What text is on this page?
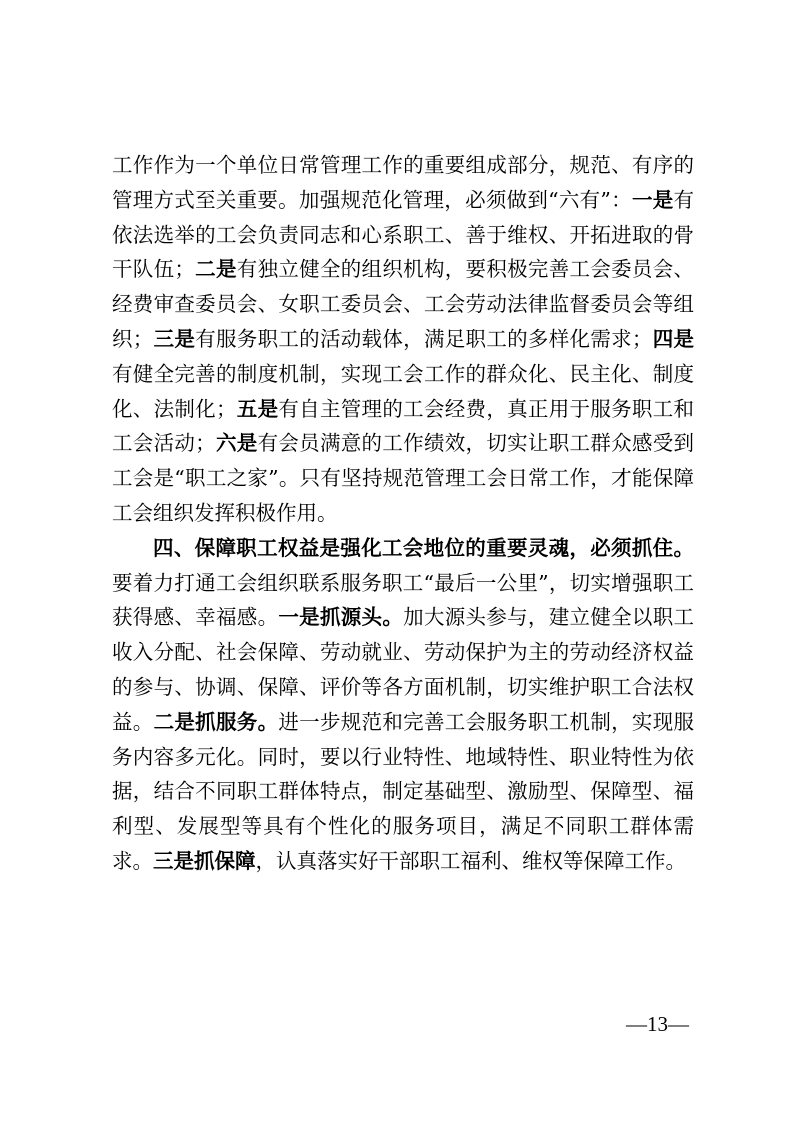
工作作为一个单位日常管理工作的重要组成部分，规范、有序的管理方式至关重要。加强规范化管理，必须做到“六有”：一是有依法选举的工会负责同志和心系职工、善于维权、开拓进取的骨干队伍；二是有独立健全的组织机构，要积极完善工会委员会、经费审查委员会、女职工委员会、工会劳动法律监督委员会等组织；三是有服务职工的活动载体，满足职工的多样化需求；四是有健全完善的制度机制，实现工会工作的群众化、民主化、制度化、法制化；五是有自主管理的工会经费，真正用于服务职工和工会活动；六是有会员满意的工作绩效，切实让职工群众感受到工会是“职工之家”。只有坚持规范管理工会日常工作，才能保障工会组织发挥积极作用。

四、保障职工权益是强化工会地位的重要灵魂，必须抓住。要着力打通工会组织联系服务职工“最后一公里”，切实增强职工获得感、幸福感。一是抓源头。加大源头参与，建立健全以职工收入分配、社会保障、劳动就业、劳动保护为主的劳动经济权益的参与、协调、保障、评价等各方面机制，切实维护职工合法权益。二是抓服务。进一步规范和完善工会服务职工机制，实现服务内容多元化。同时，要以行业特性、地域特性、职业特性为依据，结合不同职工群体特点，制定基础型、激励型、保障型、福利型、发展型等具有个性化的服务项目，满足不同职工群体需求。三是抓保障，认真落实好干部职工福利、维权等保障工作。

—13—
